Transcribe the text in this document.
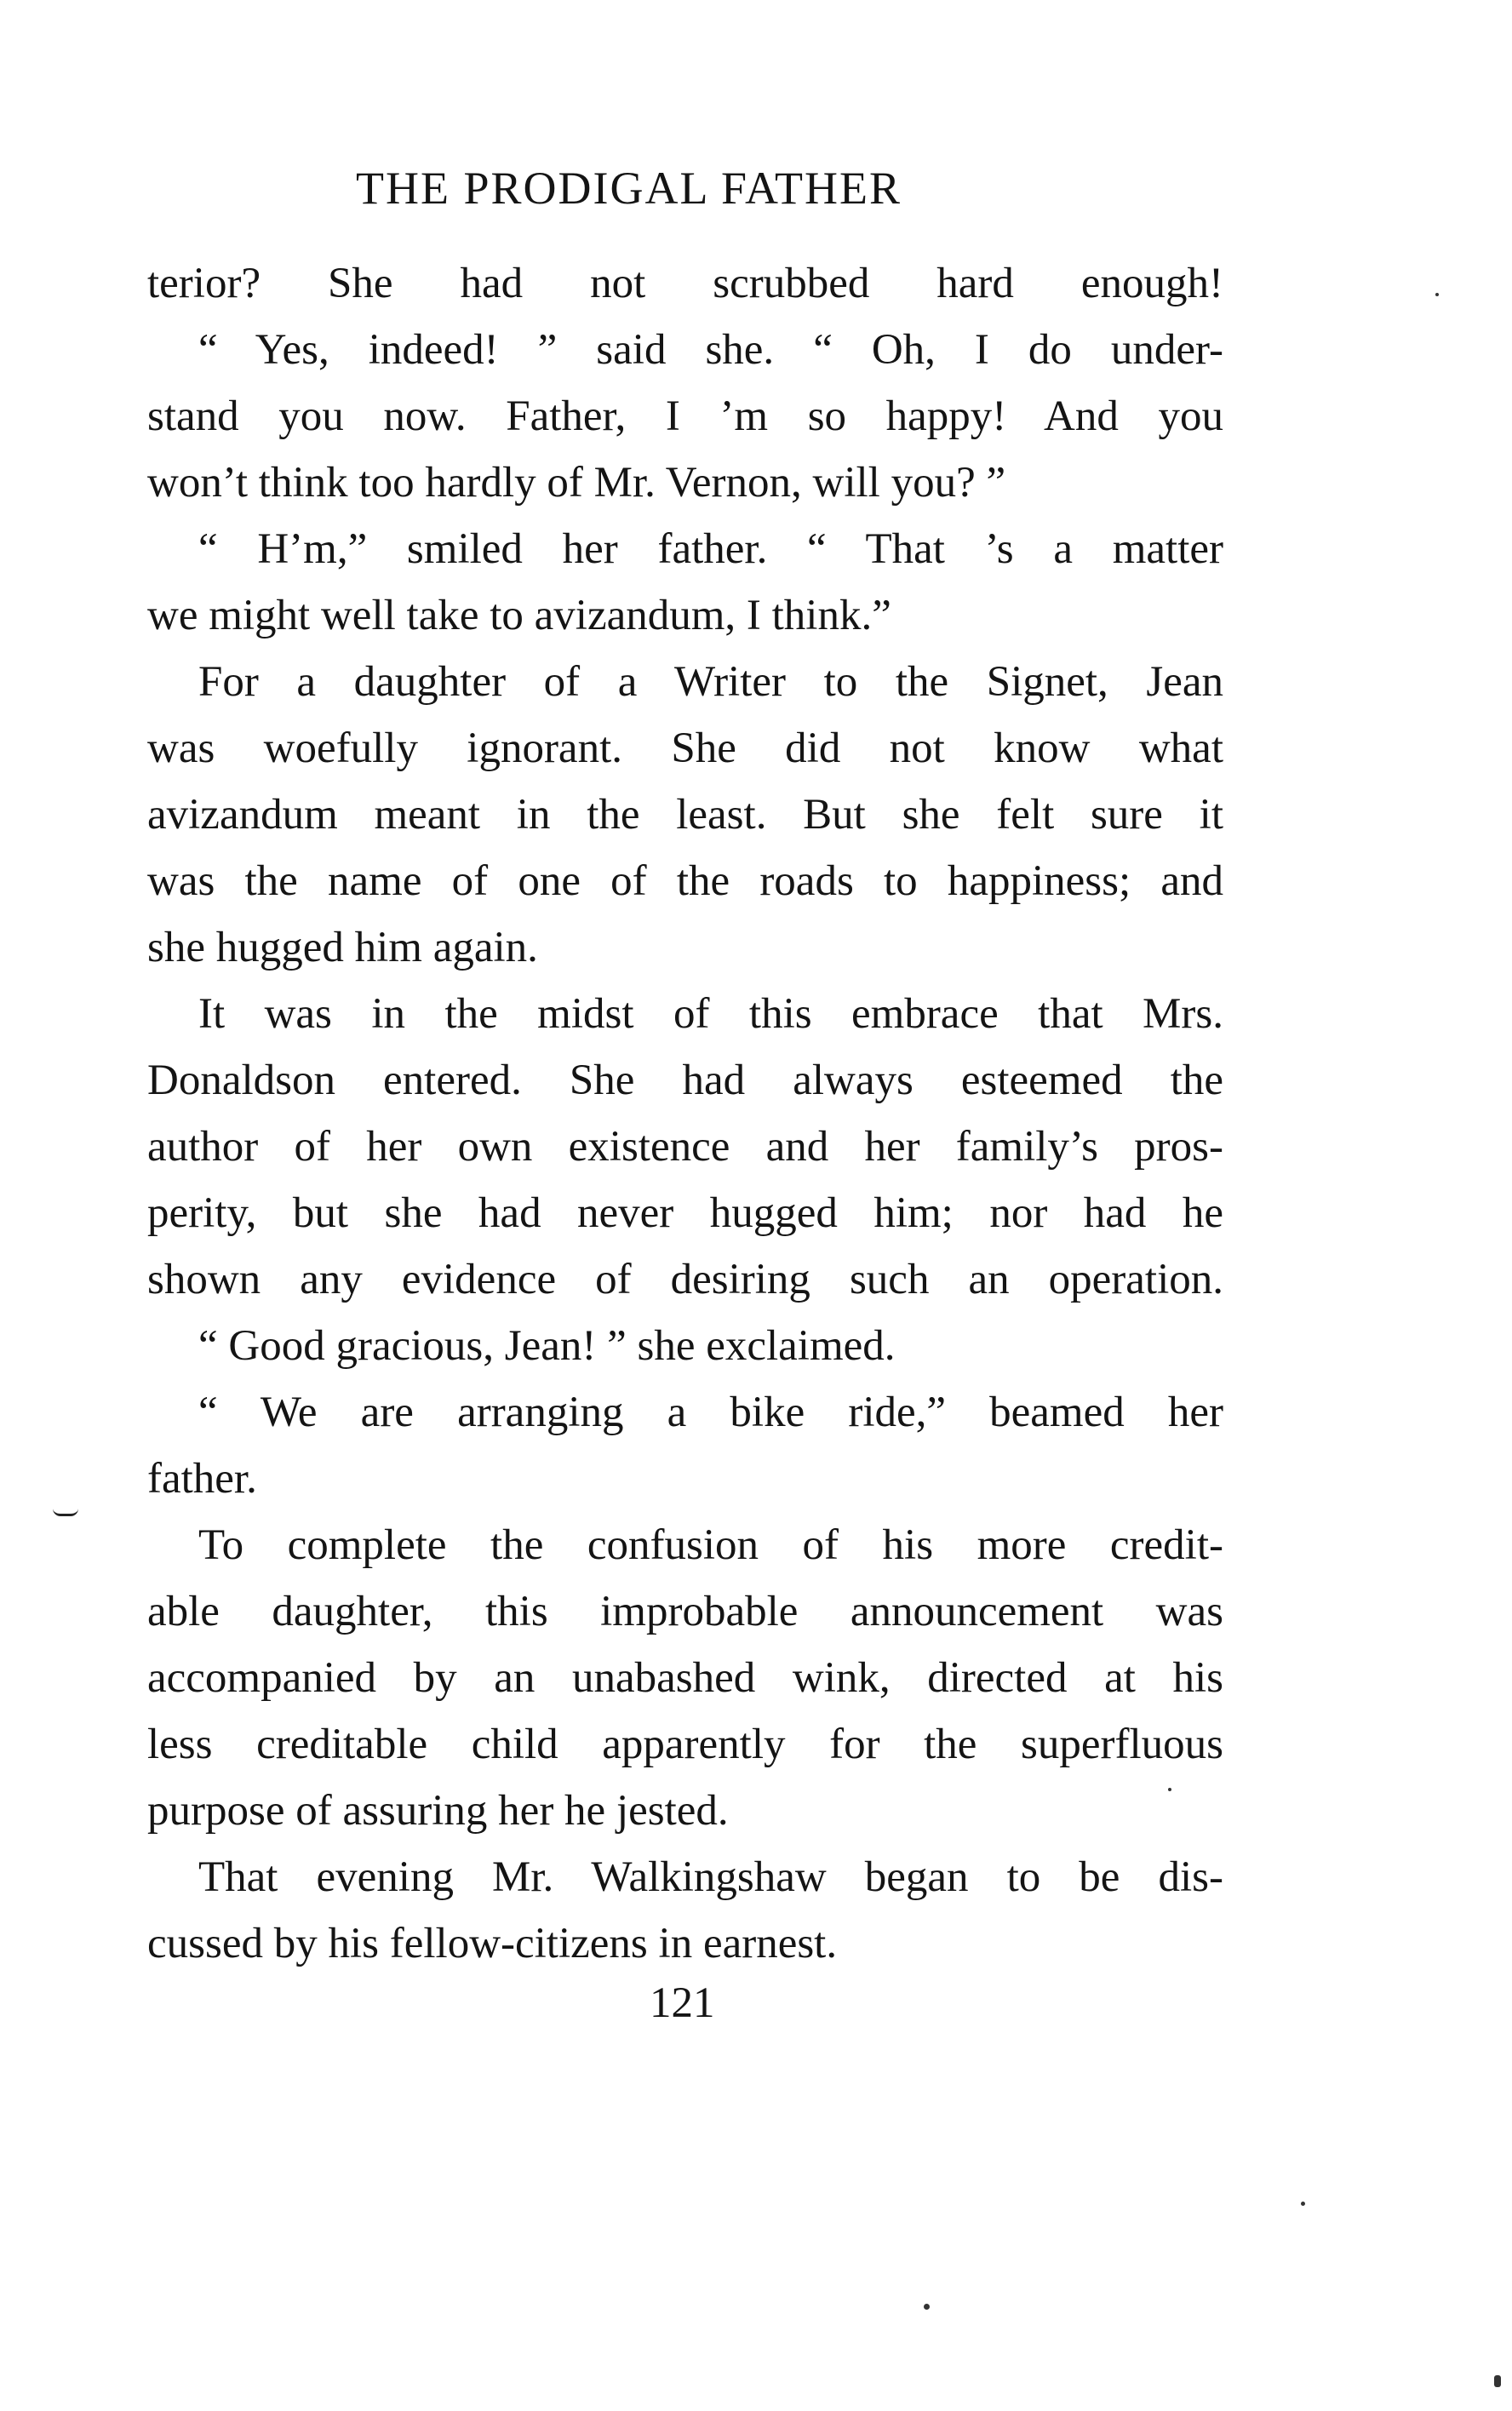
THE PRODIGAL FATHER
terior? She had not scrubbed hard enough!
“ Yes, indeed! ” said she. “ Oh, I do under-
stand you now. Father, I ’m so happy! And you
won’t think too hardly of Mr. Vernon, will you? ”
“ H’m,” smiled her father. “ That ’s a matter
we might well take to avizandum, I think.”
For a daughter of a Writer to the Signet, Jean
was woefully ignorant. She did not know what
avizandum meant in the least. But she felt sure it
was the name of one of the roads to happiness; and
she hugged him again.
It was in the midst of this embrace that Mrs.
Donaldson entered. She had always esteemed the
author of her own existence and her family’s pros-
perity, but she had never hugged him; nor had he
shown any evidence of desiring such an operation.
“ Good gracious, Jean! ” she exclaimed.
“ We are arranging a bike ride,” beamed her
father.
To complete the confusion of his more credit-
able daughter, this improbable announcement was
accompanied by an unabashed wink, directed at his
less creditable child apparently for the superfluous
purpose of assuring her he jested.
That evening Mr. Walkingshaw began to be dis-
cussed by his fellow-citizens in earnest.
121
